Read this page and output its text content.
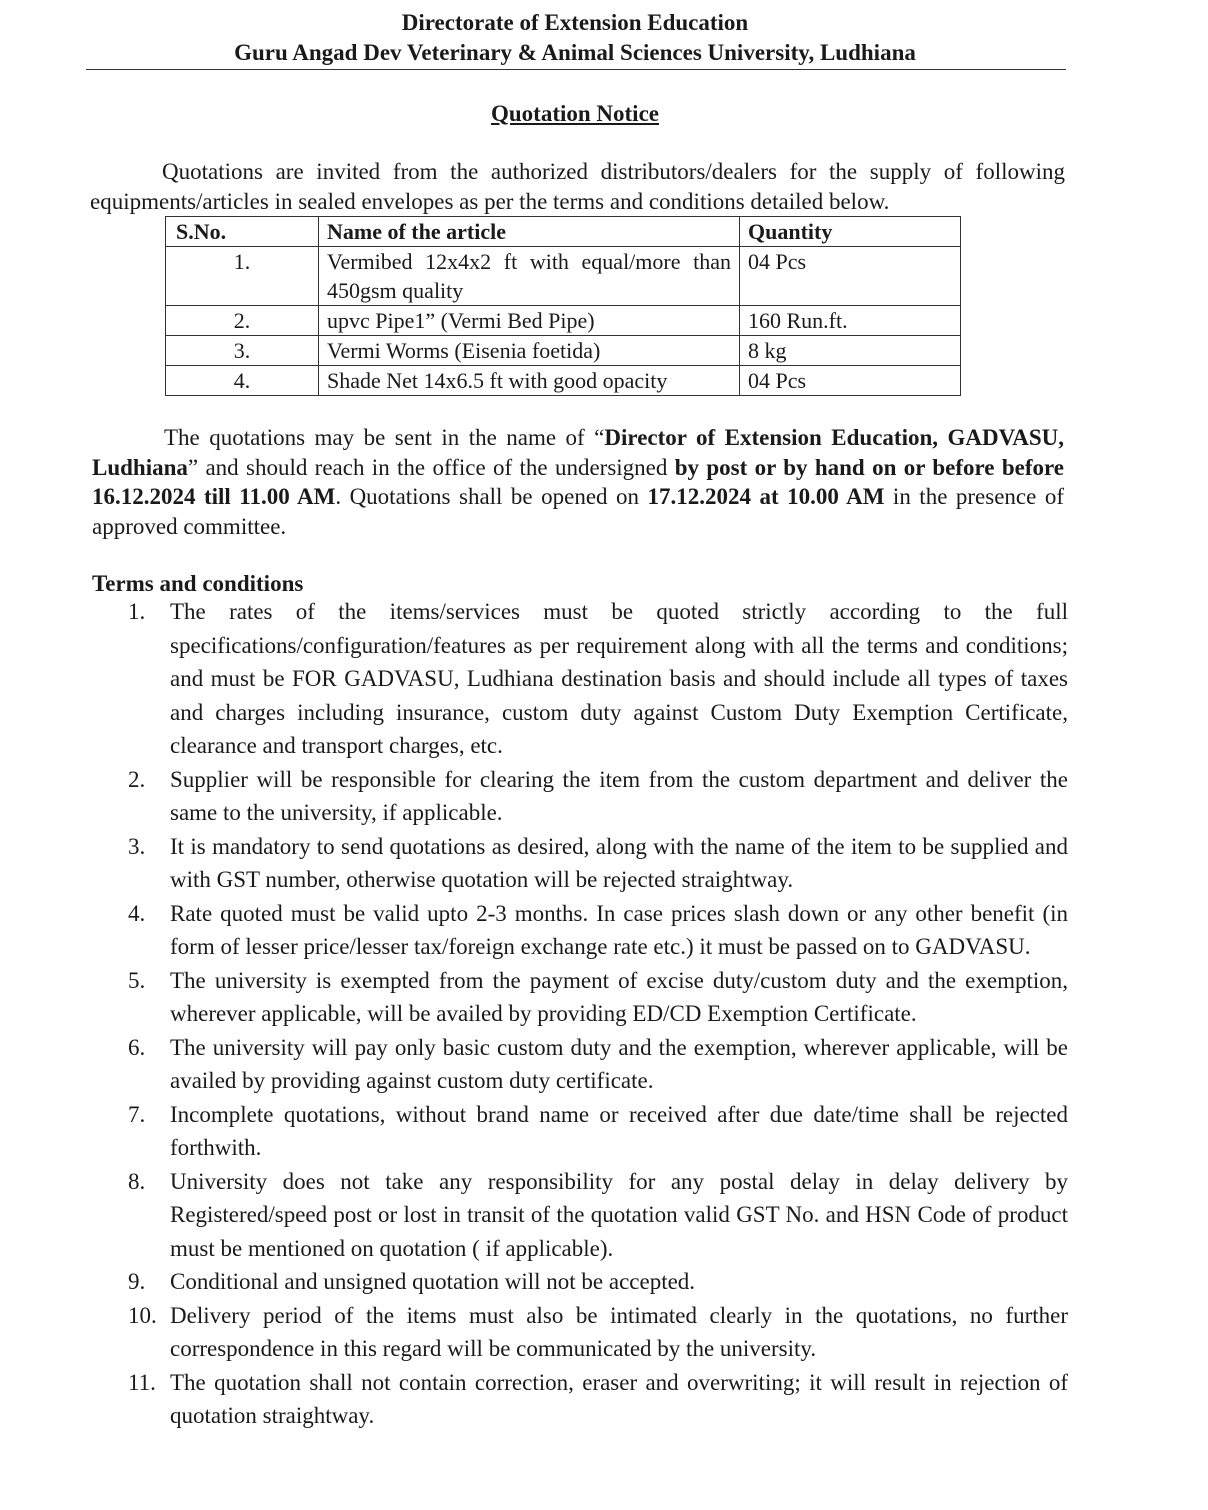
Directorate of Extension Education
Guru Angad Dev Veterinary & Animal Sciences University, Ludhiana
Quotation Notice
Quotations are invited from the authorized distributors/dealers for the supply of following equipments/articles in sealed envelopes as per the terms and conditions detailed below.
S.No.	Name of the article	Quantity
1.	Vermibed 12x4x2 ft with equal/more than 450gsm quality	04 Pcs
2.	upvc Pipe1” (Vermi Bed Pipe)	160 Run.ft.
3.	Vermi Worms (Eisenia foetida)	8 kg
4.	Shade Net 14x6.5 ft with good opacity	04 Pcs
The quotations may be sent in the name of “Director of Extension Education, GADVASU, Ludhiana” and should reach in the office of the undersigned by post or by hand on or before before 16.12.2024 till 11.00 AM. Quotations shall be opened on 17.12.2024 at 10.00 AM in the presence of approved committee.
Terms and conditions
1.	The rates of the items/services must be quoted strictly according to the full specifications/configuration/features as per requirement along with all the terms and conditions; and must be FOR GADVASU, Ludhiana destination basis and should include all types of taxes and charges including insurance, custom duty against Custom Duty Exemption Certificate, clearance and transport charges, etc.
2.	Supplier will be responsible for clearing the item from the custom department and deliver the same to the university, if applicable.
3.	It is mandatory to send quotations as desired, along with the name of the item to be supplied and with GST number, otherwise quotation will be rejected straightway.
4.	Rate quoted must be valid upto 2-3 months. In case prices slash down or any other benefit (in form of lesser price/lesser tax/foreign exchange rate etc.) it must be passed on to GADVASU.
5.	The university is exempted from the payment of excise duty/custom duty and the exemption, wherever applicable, will be availed by providing ED/CD Exemption Certificate.
6.	The university will pay only basic custom duty and the exemption, wherever applicable, will be availed by providing against custom duty certificate.
7.	Incomplete quotations, without brand name or received after due date/time shall be rejected forthwith.
8.	University does not take any responsibility for any postal delay in delay delivery by Registered/speed post or lost in transit of the quotation valid GST No. and HSN Code of product must be mentioned on quotation ( if applicable).
9.	Conditional and unsigned quotation will not be accepted.
10. Delivery period of the items must also be intimated clearly in the quotations, no further correspondence in this regard will be communicated by the university.
11. The quotation shall not contain correction, eraser and overwriting; it will result in rejection of quotation straightway.
